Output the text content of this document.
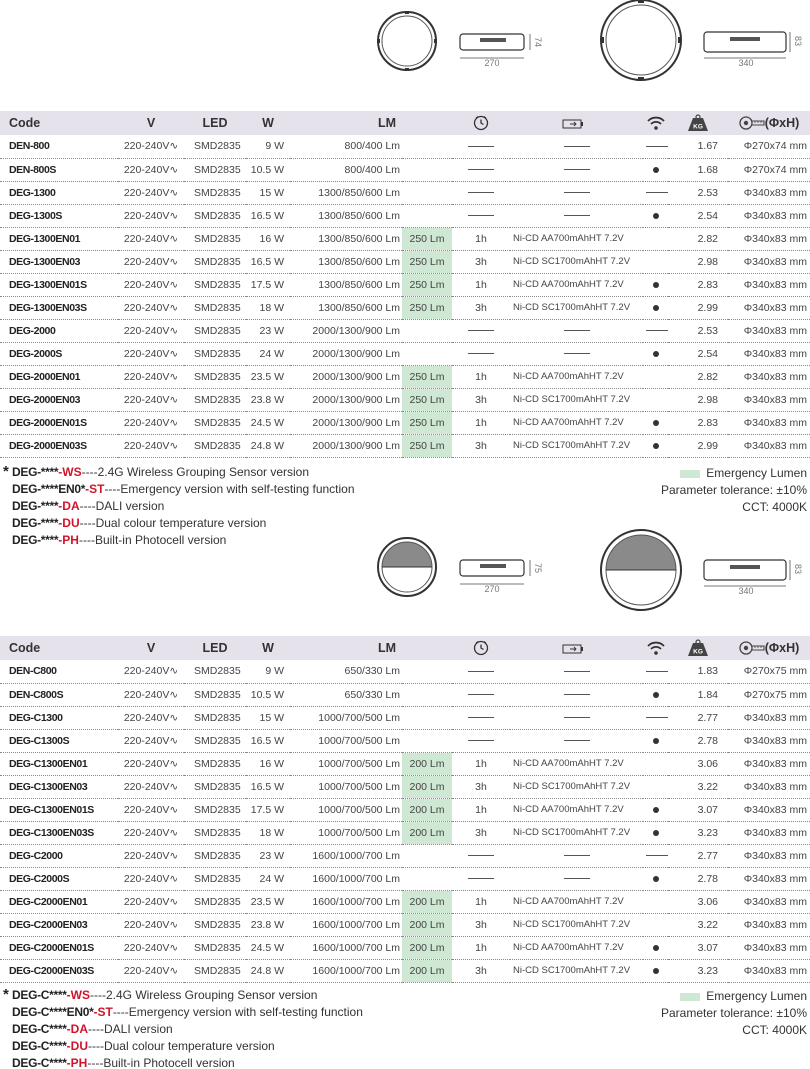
270
74
340
83
Code	V	LED	W	LM					KG	(ΦxH)
DEN-800	220-240V∿	SMD2835	9 W	800/400 Lm					1.67	Φ270x74 mm
DEN-800S	220-240V∿	SMD2835	10.5 W	800/400 Lm					1.68	Φ270x74 mm
DEG-1300	220-240V∿	SMD2835	15 W	1300/850/600 Lm					2.53	Φ340x83 mm
DEG-1300S	220-240V∿	SMD2835	16.5 W	1300/850/600 Lm					2.54	Φ340x83 mm
DEG-1300EN01	220-240V∿	SMD2835	16 W	1300/850/600 Lm	250 Lm	1h	Ni-CD AA700mAhHT 7.2V		2.82	Φ340x83 mm
DEG-1300EN03	220-240V∿	SMD2835	16.5 W	1300/850/600 Lm	250 Lm	3h	Ni-CD SC1700mAhHT 7.2V		2.98	Φ340x83 mm
DEG-1300EN01S	220-240V∿	SMD2835	17.5 W	1300/850/600 Lm	250 Lm	1h	Ni-CD AA700mAhHT 7.2V		2.83	Φ340x83 mm
DEG-1300EN03S	220-240V∿	SMD2835	18 W	1300/850/600 Lm	250 Lm	3h	Ni-CD SC1700mAhHT 7.2V		2.99	Φ340x83 mm
DEG-2000	220-240V∿	SMD2835	23 W	2000/1300/900 Lm					2.53	Φ340x83 mm
DEG-2000S	220-240V∿	SMD2835	24 W	2000/1300/900 Lm					2.54	Φ340x83 mm
DEG-2000EN01	220-240V∿	SMD2835	23.5 W	2000/1300/900 Lm	250 Lm	1h	Ni-CD AA700mAhHT 7.2V		2.82	Φ340x83 mm
DEG-2000EN03	220-240V∿	SMD2835	23.8 W	2000/1300/900 Lm	250 Lm	3h	Ni-CD SC1700mAhHT 7.2V		2.98	Φ340x83 mm
DEG-2000EN01S	220-240V∿	SMD2835	24.5 W	2000/1300/900 Lm	250 Lm	1h	Ni-CD AA700mAhHT 7.2V		2.83	Φ340x83 mm
DEG-2000EN03S	220-240V∿	SMD2835	24.8 W	2000/1300/900 Lm	250 Lm	3h	Ni-CD SC1700mAhHT 7.2V		2.99	Φ340x83 mm
* DEG-****-WS----2.4G Wireless Grouping Sensor version
DEG-****EN0*-ST----Emergency version with self-testing function
DEG-****-DA----DALI version
DEG-****-DU----Dual colour temperature version
DEG-****-PH----Built-in Photocell version
Emergency Lumen
Parameter tolerance: ±10%
CCT: 4000K
270
75
340
83
Code	V	LED	W	LM					KG	(ΦxH)
DEN-C800	220-240V∿	SMD2835	9 W	650/330 Lm					1.83	Φ270x75 mm
DEN-C800S	220-240V∿	SMD2835	10.5 W	650/330 Lm					1.84	Φ270x75 mm
DEG-C1300	220-240V∿	SMD2835	15 W	1000/700/500 Lm					2.77	Φ340x83 mm
DEG-C1300S	220-240V∿	SMD2835	16.5 W	1000/700/500 Lm					2.78	Φ340x83 mm
DEG-C1300EN01	220-240V∿	SMD2835	16 W	1000/700/500 Lm	200 Lm	1h	Ni-CD AA700mAhHT 7.2V		3.06	Φ340x83 mm
DEG-C1300EN03	220-240V∿	SMD2835	16.5 W	1000/700/500 Lm	200 Lm	3h	Ni-CD SC1700mAhHT 7.2V		3.22	Φ340x83 mm
DEG-C1300EN01S	220-240V∿	SMD2835	17.5 W	1000/700/500 Lm	200 Lm	1h	Ni-CD AA700mAhHT 7.2V		3.07	Φ340x83 mm
DEG-C1300EN03S	220-240V∿	SMD2835	18 W	1000/700/500 Lm	200 Lm	3h	Ni-CD SC1700mAhHT 7.2V		3.23	Φ340x83 mm
DEG-C2000	220-240V∿	SMD2835	23 W	1600/1000/700 Lm					2.77	Φ340x83 mm
DEG-C2000S	220-240V∿	SMD2835	24 W	1600/1000/700 Lm					2.78	Φ340x83 mm
DEG-C2000EN01	220-240V∿	SMD2835	23.5 W	1600/1000/700 Lm	200 Lm	1h	Ni-CD AA700mAhHT 7.2V		3.06	Φ340x83 mm
DEG-C2000EN03	220-240V∿	SMD2835	23.8 W	1600/1000/700 Lm	200 Lm	3h	Ni-CD SC1700mAhHT 7.2V		3.22	Φ340x83 mm
DEG-C2000EN01S	220-240V∿	SMD2835	24.5 W	1600/1000/700 Lm	200 Lm	1h	Ni-CD AA700mAhHT 7.2V		3.07	Φ340x83 mm
DEG-C2000EN03S	220-240V∿	SMD2835	24.8 W	1600/1000/700 Lm	200 Lm	3h	Ni-CD SC1700mAhHT 7.2V		3.23	Φ340x83 mm
* DEG-C****-WS----2.4G Wireless Grouping Sensor version
DEG-C****EN0*-ST----Emergency version with self-testing function
DEG-C****-DA----DALI version
DEG-C****-DU----Dual colour temperature version
DEG-C****-PH----Built-in Photocell version
Emergency Lumen
Parameter tolerance: ±10%
CCT: 4000K
